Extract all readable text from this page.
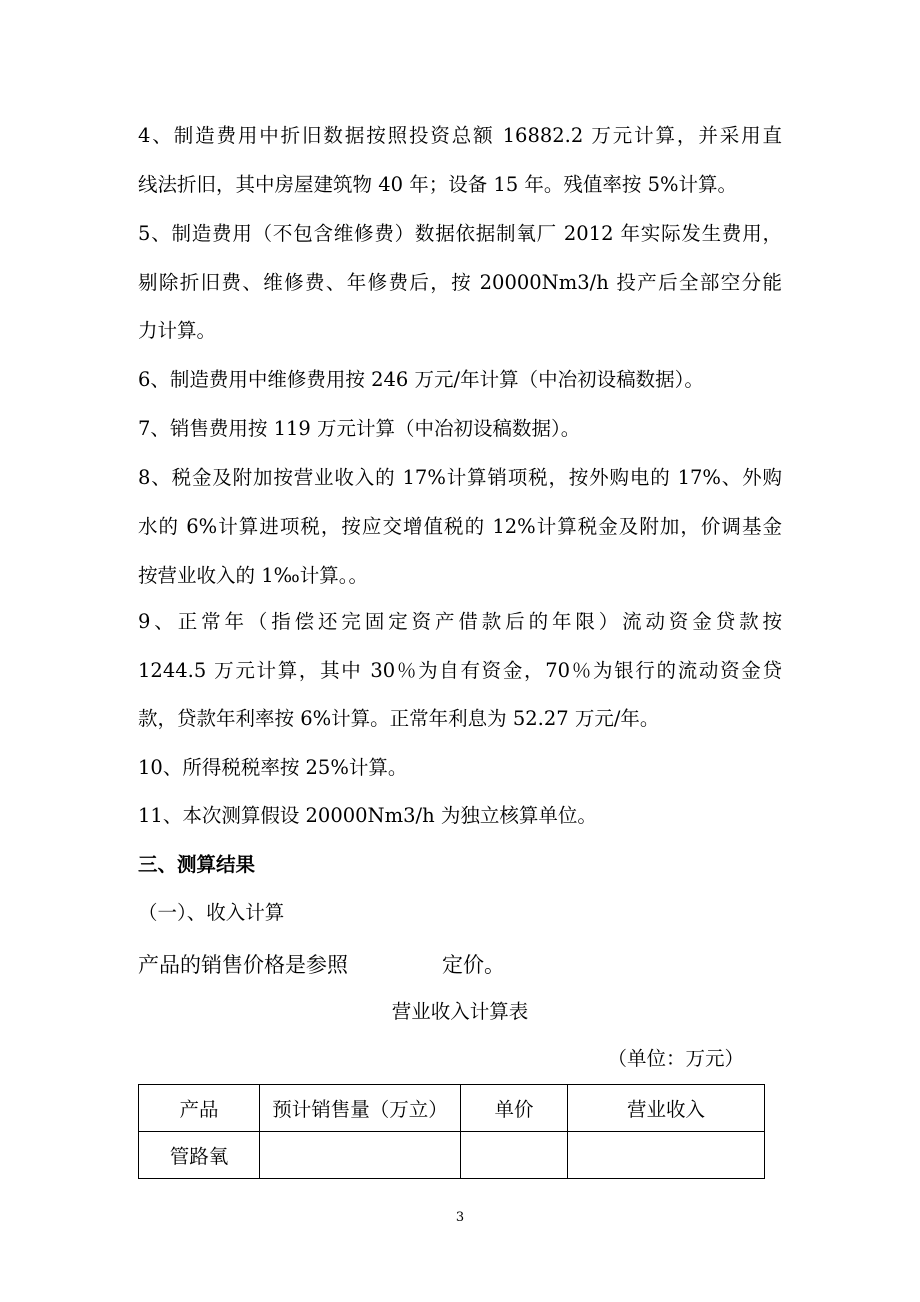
4、制造费用中折旧数据按照投资总额 16882.2 万元计算，并采用直
线法折旧，其中房屋建筑物 40 年；设备 15 年。残值率按 5%计算。
5、制造费用（不包含维修费）数据依据制氧厂 2012 年实际发生费用，
剔除折旧费、维修费、年修费后，按 20000Nm3/h 投产后全部空分能
力计算。
6、制造费用中维修费用按 246 万元/年计算（中冶初设稿数据）。
7、销售费用按 119 万元计算（中冶初设稿数据）。
8、税金及附加按营业收入的 17%计算销项税，按外购电的 17%、外购
水的 6%计算进项税，按应交增值税的 12%计算税金及附加，价调基金
按营业收入的 1‰计算。。
9、正常年（指偿还完固定资产借款后的年限）流动资金贷款按
1244.5 万元计算，其中 30％为自有资金，70％为银行的流动资金贷
款，贷款年利率按 6%计算。正常年利息为 52.27 万元/年。
10、所得税税率按 25%计算。
11、本次测算假设 20000Nm3/h 为独立核算单位。
三、测算结果
（一）、收入计算
产品的销售价格是参照	定价。
营业收入计算表
（单位：万元）
产品	预计销售量（万立）	单价	营业收入
管路氧			
3
